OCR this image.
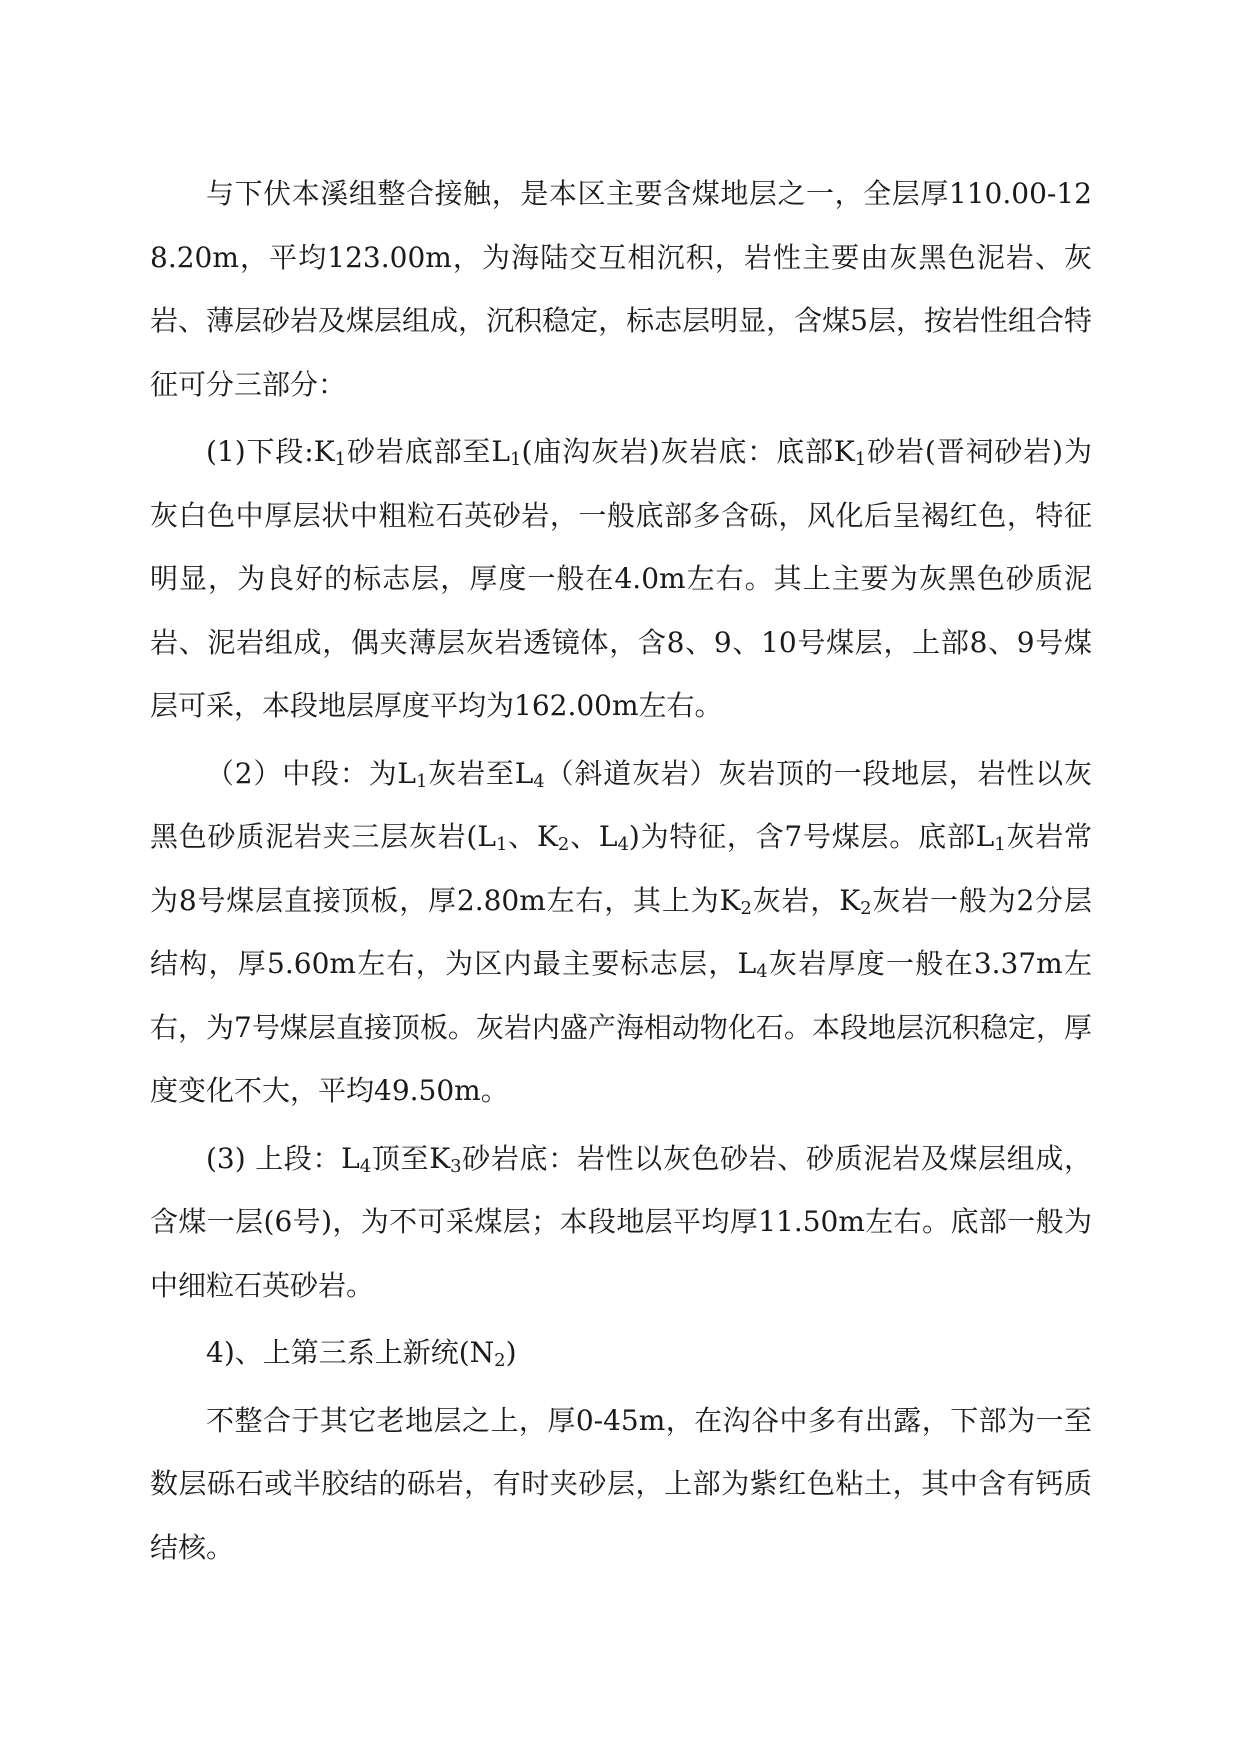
与下伏本溪组整合接触，是本区主要含煤地层之一，全层厚110.00-128.20m，平均123.00m，为海陆交互相沉积，岩性主要由灰黑色泥岩、灰岩、薄层砂岩及煤层组成，沉积稳定，标志层明显，含煤5层，按岩性组合特征可分三部分：

(1)下段$:K_1$砂岩底部至$L_1$(庙沟灰岩)灰岩底：底部$K_1$砂岩(晋祠砂岩)为灰白色中厚层状中粗粒石英砂岩，一般底部多含砾，风化后呈褐红色，特征明显，为良好的标志层，厚度一般在4.0m左右。其上主要为灰黑色砂质泥岩、泥岩组成，偶夹薄层灰岩透镜体，含8、9、10号煤层，上部8、9号煤层可采，本段地层厚度平均为162.00m左右。

（2）中段：为$L_1$灰岩至$L_4$（斜道灰岩）灰岩顶的一段地层，岩性以灰黑色砂质泥岩夹三层灰岩($L_1$、$K_2$、$L_4$)为特征，含7号煤层。底部$L_1$灰岩常为8号煤层直接顶板，厚2.80m左右，其上为$K_2$灰岩，$K_2$灰岩一般为2分层结构，厚5.60m左右，为区内最主要标志层，$L_4$灰岩厚度一般在3.37m左右，为7号煤层直接顶板。灰岩内盛产海相动物化石。本段地层沉积稳定，厚度变化不大，平均49.50m。

(3) 上段：$L_4$顶至$K_3$砂岩底：岩性以灰色砂岩、砂质泥岩及煤层组成，含煤一层(6号)，为不可采煤层；本段地层平均厚11.50m左右。底部一般为中细粒石英砂岩。

4)、上第三系上新统$(N_2)$

不整合于其它老地层之上，厚0-45m，在沟谷中多有出露，下部为一至数层砾石或半胶结的砾岩，有时夹砂层，上部为紫红色粘土，其中含有钙质结核。
